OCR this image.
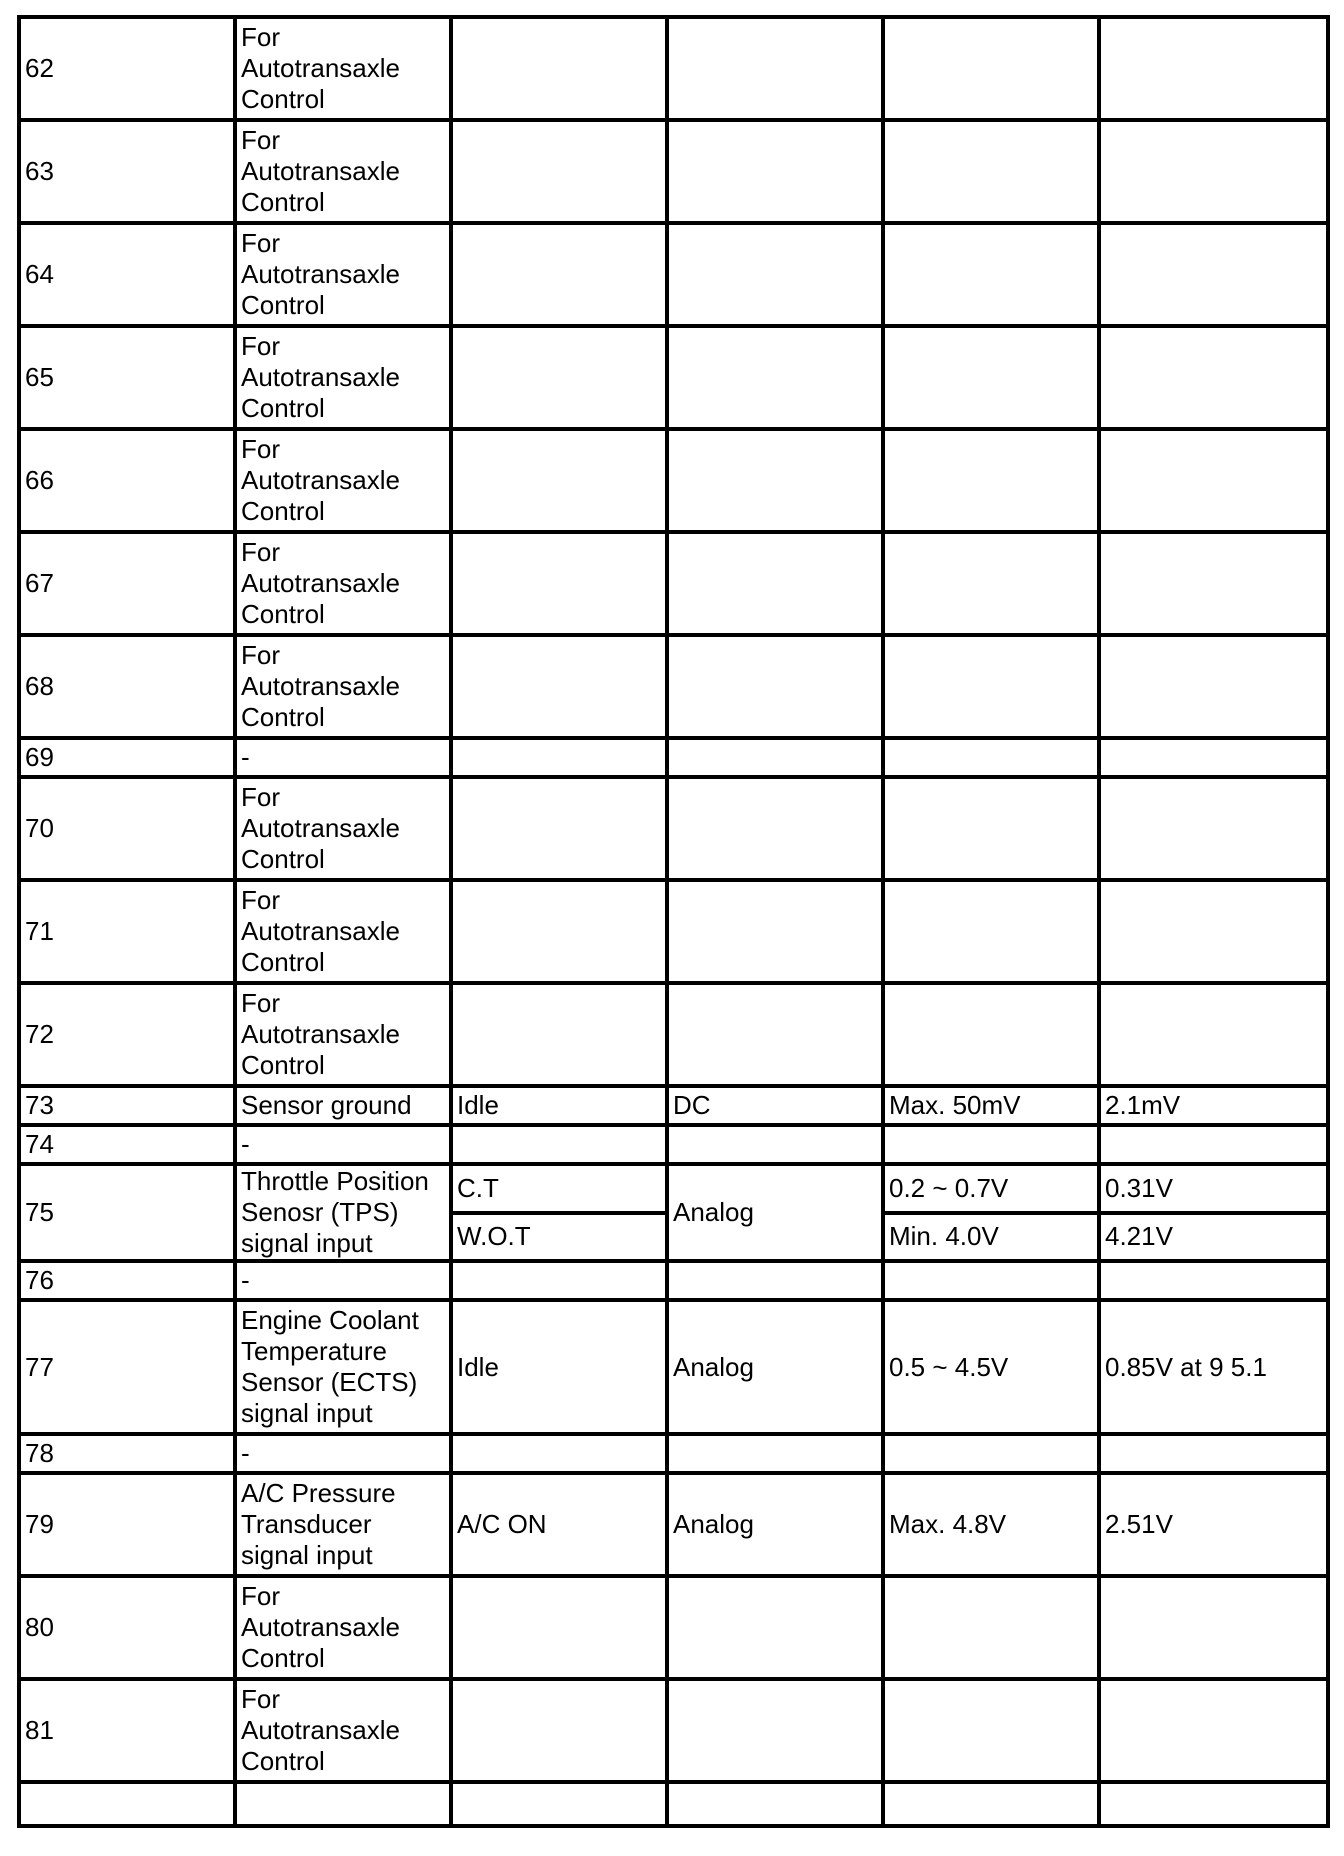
62	For
Autotransaxle
Control				
63	For
Autotransaxle
Control				
64	For
Autotransaxle
Control				
65	For
Autotransaxle
Control				
66	For
Autotransaxle
Control				
67	For
Autotransaxle
Control				
68	For
Autotransaxle
Control				
69	-				
70	For
Autotransaxle
Control				
71	For
Autotransaxle
Control				
72	For
Autotransaxle
Control				
73	Sensor ground	Idle	DC	Max. 50mV	2.1mV
74	-				
75	Throttle Position
Senosr (TPS)
signal input	C.T	Analog	0.2 ~ 0.7V	0.31V
		W.O.T		Min. 4.0V	4.21V
76	-				
77	Engine Coolant
Temperature
Sensor (ECTS)
signal input	Idle	Analog	0.5 ~ 4.5V	0.85V at 9 5.1
78	-				
79	A/C Pressure
Transducer
signal input	A/C ON	Analog	Max. 4.8V	2.51V
80	For
Autotransaxle
Control				
81	For
Autotransaxle
Control				
